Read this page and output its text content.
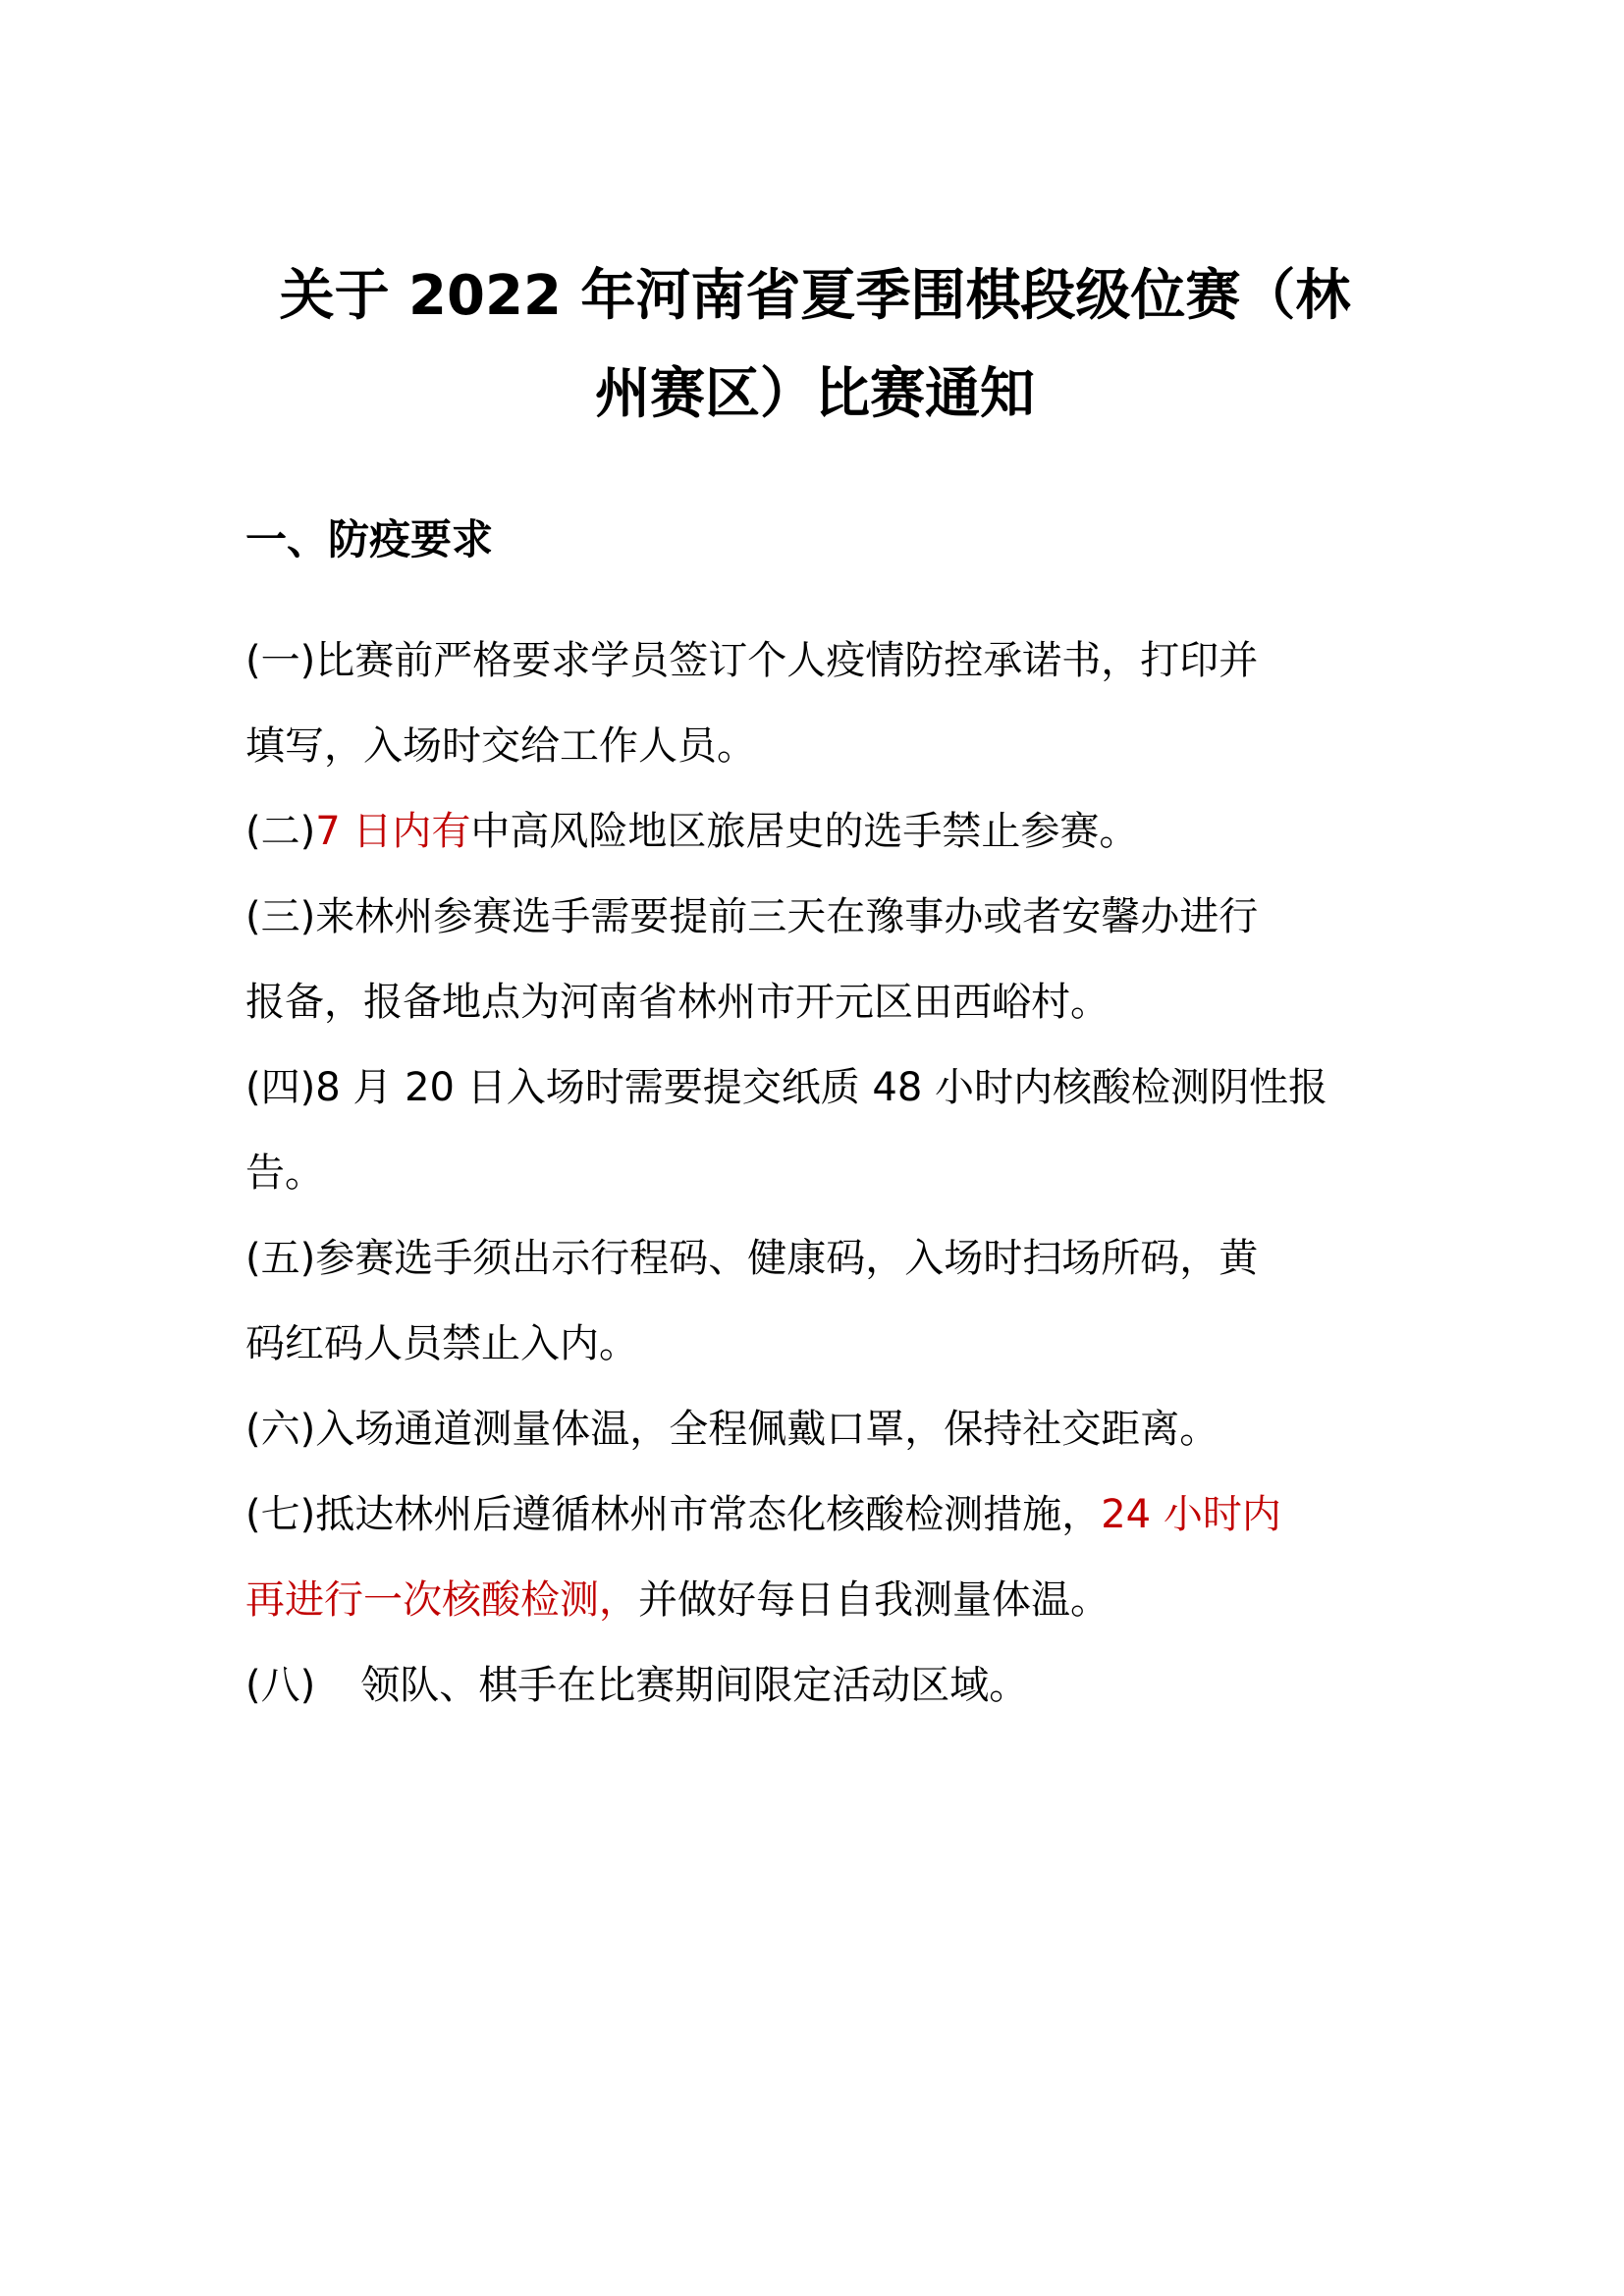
关于 2022 年河南省夏季围棋段级位赛（林
州赛区）比赛通知
一、防疫要求

(一)比赛前严格要求学员签订个人疫情防控承诺书，打印并
填写，入场时交给工作人员。

(二)7 日内有中高风险地区旅居史的选手禁止参赛。

(三)来林州参赛选手需要提前三天在豫事办或者安馨办进行
报备，报备地点为河南省林州市开元区田西峪村。

(四)8 月 20 日入场时需要提交纸质 48 小时内核酸检测阴性报
告。

(五)参赛选手须出示行程码、健康码，入场时扫场所码，黄
码红码人员禁止入内。

(六)入场通道测量体温，全程佩戴口罩，保持社交距离。

(七)抵达林州后遵循林州市常态化核酸检测措施，24 小时内
再进行一次核酸检测，并做好每日自我测量体温。

(八) 领队、棋手在比赛期间限定活动区域。
